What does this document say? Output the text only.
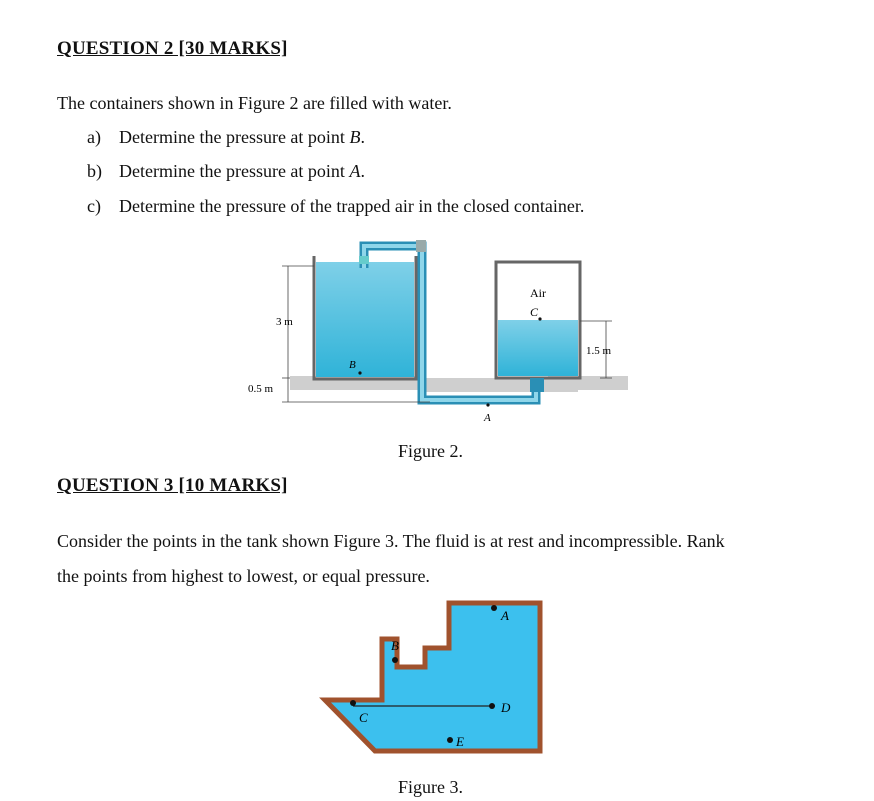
QUESTION 2 [30 MARKS]
The containers shown in Figure 2 are filled with water.
a) Determine the pressure at point B.
b) Determine the pressure at point A.
c) Determine the pressure of the trapped air in the closed container.
3 m
0.5 m
1.5 m
Air
C
B
A
Figure 2.
QUESTION 3 [10 MARKS]
Consider the points in the tank shown Figure 3. The fluid is at rest and incompressible. Rank
the points from highest to lowest, or equal pressure.
A
B
C
D
E
Figure 3.
